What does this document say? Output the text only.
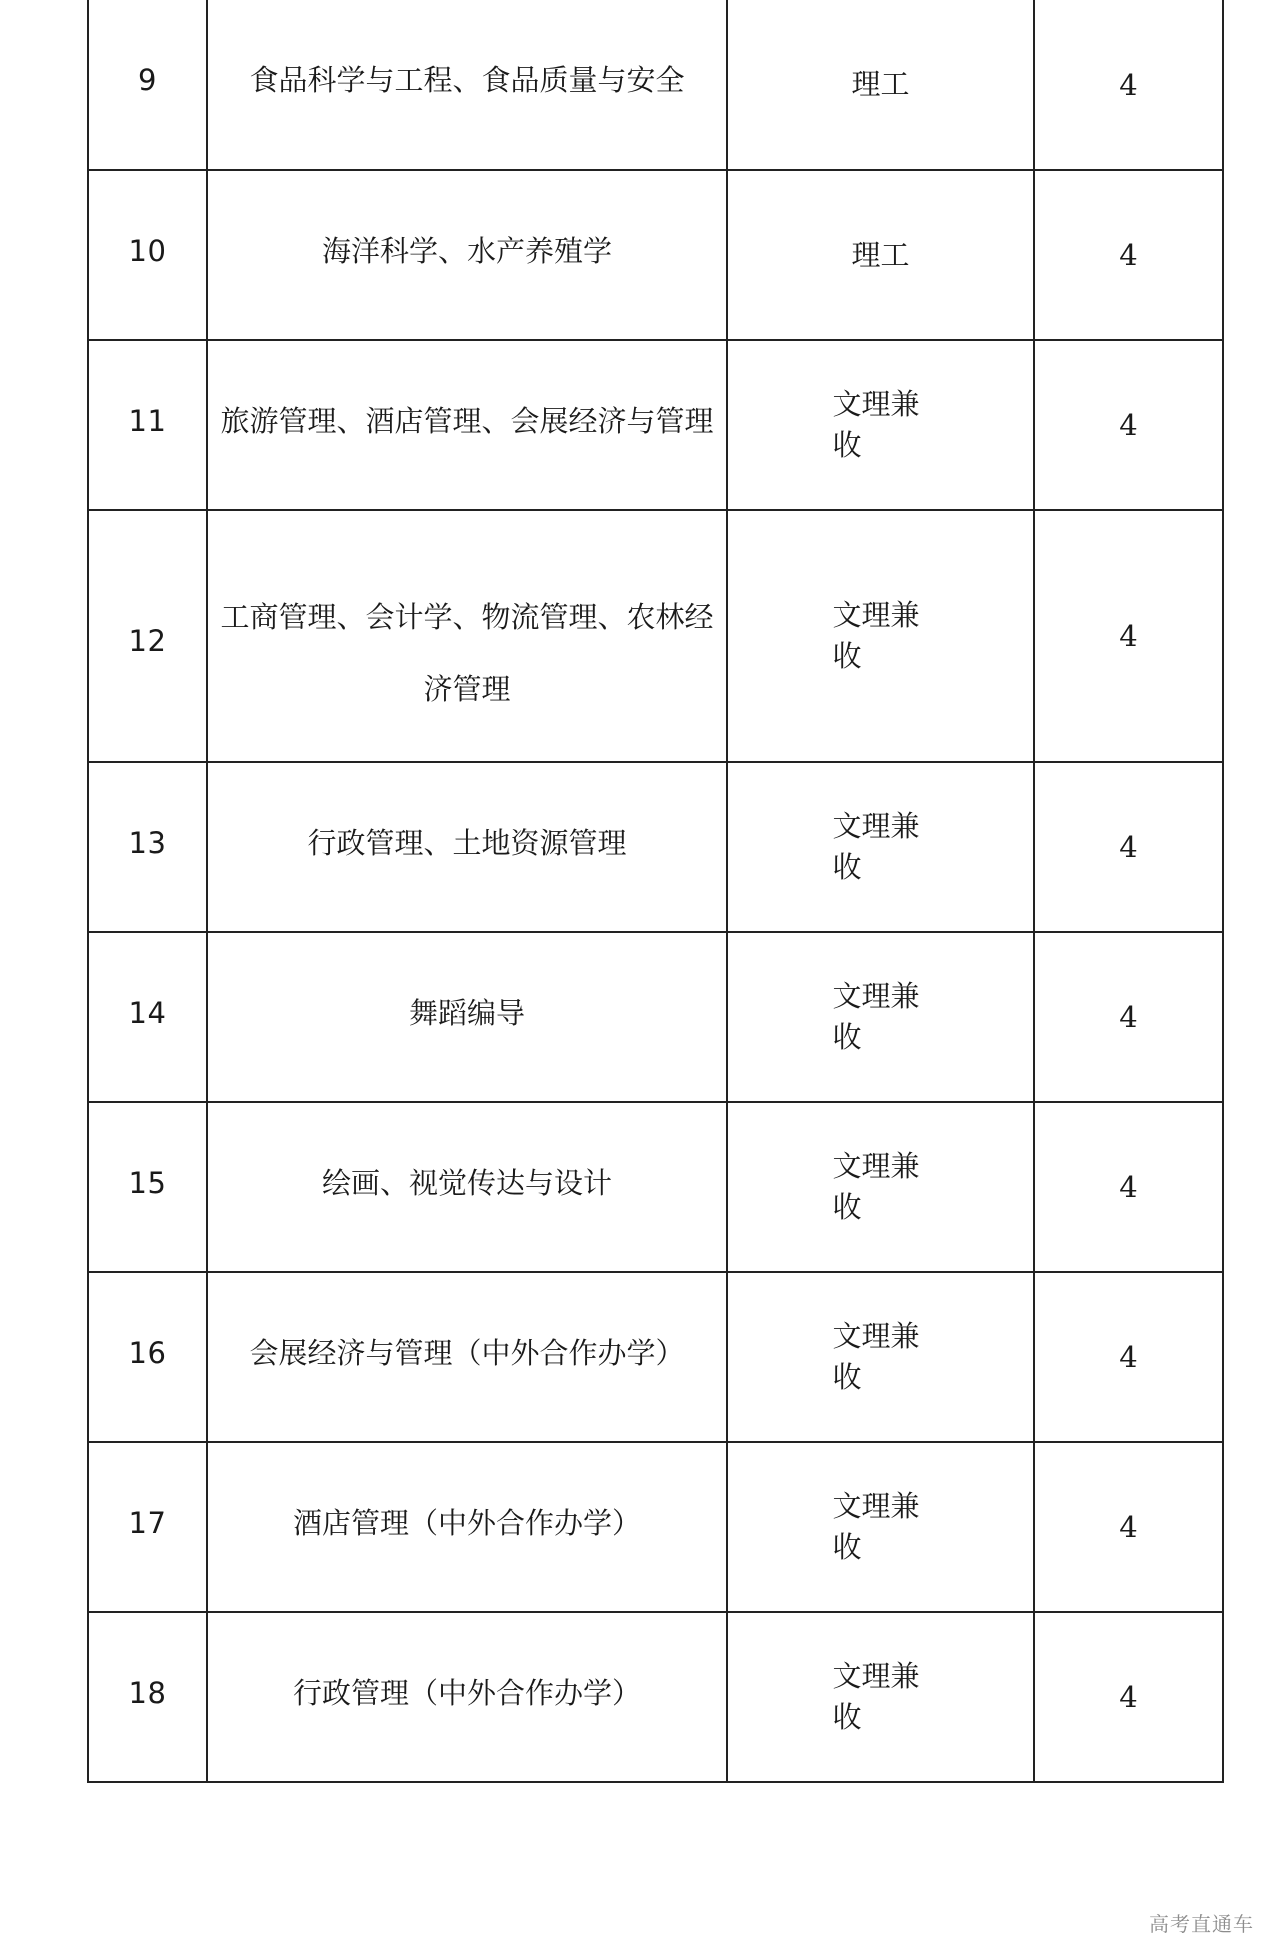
9	食品科学与工程、食品质量与安全	理工	4
10	海洋科学、水产养殖学	理工	4
11	旅游管理、酒店管理、会展经济与管理	文理兼收	4
12	工商管理、会计学、物流管理、农林经济管理	文理兼收	4
13	行政管理、土地资源管理	文理兼收	4
14	舞蹈编导	文理兼收	4
15	绘画、视觉传达与设计	文理兼收	4
16	会展经济与管理（中外合作办学）	文理兼收	4
17	酒店管理（中外合作办学）	文理兼收	4
18	行政管理（中外合作办学）	文理兼收	4
高考直通车
